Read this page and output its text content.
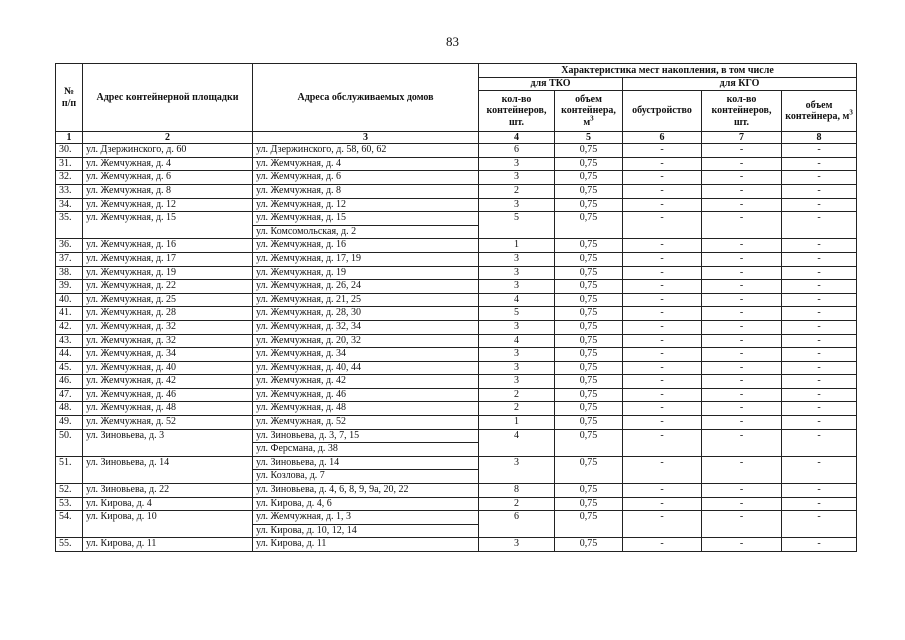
83
№ п/п	Адрес контейнерной площадки	Адреса обслуживаемых домов	Характеристика мест накопления, в том числе				
			для ТКО		для КГО		
			кол-во контейнеров, шт.	объем контейнера, $м^3$	обустройство	кол-во контейнеров, шт.	объем контейнера, $м^3$
1	2	3	4	5	6	7	8
30.	ул. Дзержинского, д. 60	ул. Дзержинского, д. 58, 60, 62	6	0,75	-	-	-
31.	ул. Жемчужная, д. 4	ул. Жемчужная, д. 4	3	0,75	-	-	-
32.	ул. Жемчужная, д. 6	ул. Жемчужная, д. 6	3	0,75	-	-	-
33.	ул. Жемчужная, д. 8	ул. Жемчужная, д. 8	2	0,75	-	-	-
34.	ул. Жемчужная, д. 12	ул. Жемчужная, д. 12	3	0,75	-	-	-
35.	ул. Жемчужная, д. 15	ул. Жемчужная, д. 15	5	0,75	-	-	-
		ул. Комсомольская, д. 2					
36.	ул. Жемчужная, д. 16	ул. Жемчужная, д. 16	1	0,75	-	-	-
37.	ул. Жемчужная, д. 17	ул. Жемчужная, д. 17, 19	3	0,75	-	-	-
38.	ул. Жемчужная, д. 19	ул. Жемчужная, д. 19	3	0,75	-	-	-
39.	ул. Жемчужная, д. 22	ул. Жемчужная, д. 26, 24	3	0,75	-	-	-
40.	ул. Жемчужная, д. 25	ул. Жемчужная, д. 21, 25	4	0,75	-	-	-
41.	ул. Жемчужная, д. 28	ул. Жемчужная, д. 28, 30	5	0,75	-	-	-
42.	ул. Жемчужная, д. 32	ул. Жемчужная, д. 32, 34	3	0,75	-	-	-
43.	ул. Жемчужная, д. 32	ул. Жемчужная, д. 20, 32	4	0,75	-	-	-
44.	ул. Жемчужная, д. 34	ул. Жемчужная, д. 34	3	0,75	-	-	-
45.	ул. Жемчужная, д. 40	ул. Жемчужная, д. 40, 44	3	0,75	-	-	-
46.	ул. Жемчужная, д. 42	ул. Жемчужная, д. 42	3	0,75	-	-	-
47.	ул. Жемчужная, д. 46	ул. Жемчужная, д. 46	2	0,75	-	-	-
48.	ул. Жемчужная, д. 48	ул. Жемчужная, д. 48	2	0,75	-	-	-
49.	ул. Жемчужная, д. 52	ул. Жемчужная, д. 52	1	0,75	-	-	-
50.	ул. Зиновьева, д. 3	ул. Зиновьева, д. 3, 7, 15	4	0,75	-	-	-
		ул. Ферсмана, д. 38					
51.	ул. Зиновьева, д. 14	ул. Зиновьева, д. 14	3	0,75	-	-	-
		ул. Козлова, д. 7					
52.	ул. Зиновьева, д. 22	ул. Зиновьева, д. 4, 6, 8, 9, 9а, 20, 22	8	0,75	-	-	-
53.	ул. Кирова, д. 4	ул. Кирова, д. 4, 6	2	0,75	-	-	-
54.	ул. Кирова, д. 10	ул. Жемчужная, д. 1, 3	6	0,75	-	-	-
		ул. Кирова, д. 10, 12, 14					
55.	ул. Кирова, д. 11	ул. Кирова, д. 11	3	0,75	-	-	-
